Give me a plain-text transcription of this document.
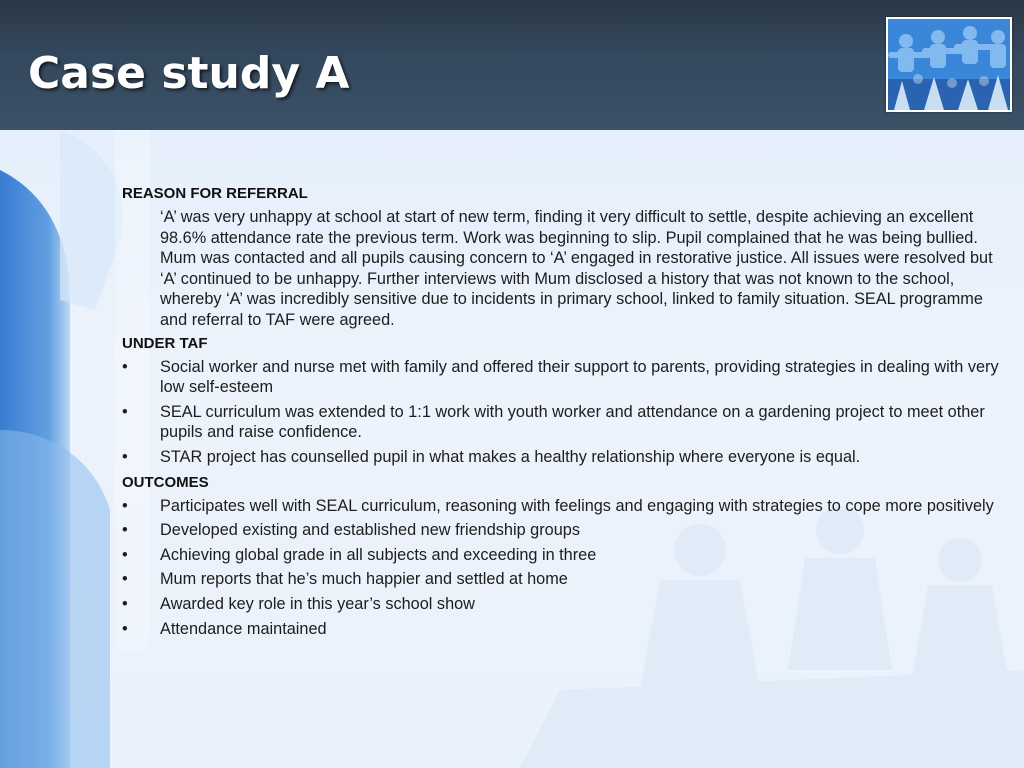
Case study A
REASON FOR REFERRAL

‘A’ was very unhappy at school at start of new term, finding it very difficult to settle, despite achieving an excellent 98.6% attendance rate the previous term. Work was beginning to slip. Pupil complained that he was being bullied. Mum was contacted and all pupils causing concern to ‘A’ engaged in restorative justice. All issues were resolved but ‘A’ continued to be unhappy. Further interviews with Mum disclosed a history that was not known to the school, whereby ‘A’ was incredibly sensitive due to incidents in primary school, linked to family situation. SEAL programme and referral to TAF were agreed.

UNDER TAF
•	Social worker and nurse met with family and offered their support to parents, providing strategies in dealing with very low self-esteem
•	SEAL curriculum was extended to 1:1 work with youth worker and attendance on a gardening project to meet other pupils and raise confidence.
•	STAR project has counselled pupil in what makes a healthy relationship where everyone is equal.
OUTCOMES
•	Participates well with SEAL curriculum, reasoning with feelings and engaging with strategies to cope more positively
•	Developed existing and established new friendship groups
•	Achieving global grade in all subjects and exceeding in three
•	Mum reports that he’s much happier and settled at home
•	Awarded key role in this year’s school show
•	Attendance maintained
